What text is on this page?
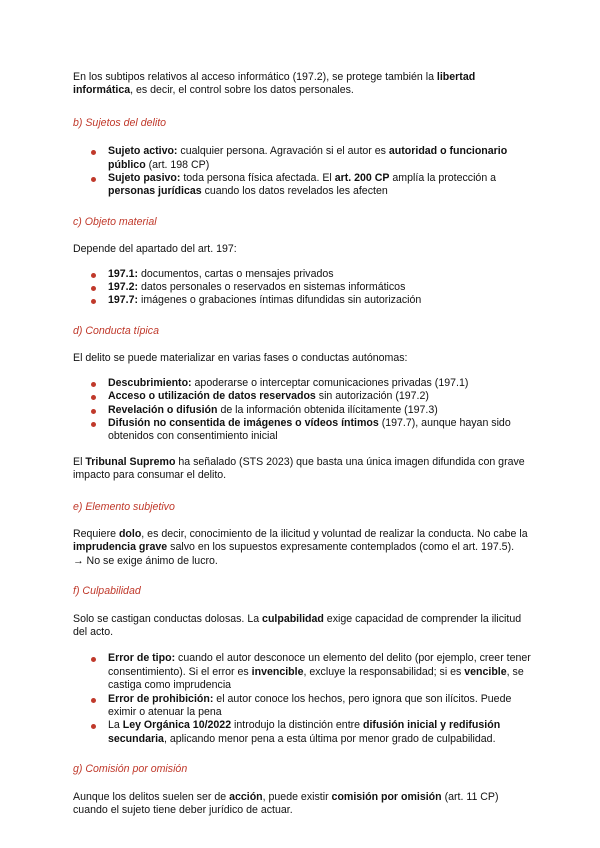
En los subtipos relativos al acceso informático (197.2), se protege también la libertad informática, es decir, el control sobre los datos personales.

b) Sujetos del delito

Sujeto activo: cualquier persona. Agravación si el autor es autoridad o funcionario público (art. 198 CP)
Sujeto pasivo: toda persona física afectada. El art. 200 CP amplía la protección a personas jurídicas cuando los datos revelados les afecten

c) Objeto material

Depende del apartado del art. 197:

197.1: documentos, cartas o mensajes privados
197.2: datos personales o reservados en sistemas informáticos
197.7: imágenes o grabaciones íntimas difundidas sin autorización

d) Conducta típica

El delito se puede materializar en varias fases o conductas autónomas:

Descubrimiento: apoderarse o interceptar comunicaciones privadas (197.1)
Acceso o utilización de datos reservados sin autorización (197.2)
Revelación o difusión de la información obtenida ilícitamente (197.3)
Difusión no consentida de imágenes o vídeos íntimos (197.7), aunque hayan sido obtenidos con consentimiento inicial

El Tribunal Supremo ha señalado (STS 2023) que basta una única imagen difundida con grave impacto para consumar el delito.

e) Elemento subjetivo

Requiere dolo, es decir, conocimiento de la ilicitud y voluntad de realizar la conducta. No cabe la imprudencia grave salvo en los supuestos expresamente contemplados (como el art. 197.5).

→ No se exige ánimo de lucro.

f) Culpabilidad

Solo se castigan conductas dolosas. La culpabilidad exige capacidad de comprender la ilicitud del acto.

Error de tipo: cuando el autor desconoce un elemento del delito (por ejemplo, creer tener consentimiento). Si el error es invencible, excluye la responsabilidad; si es vencible, se castiga como imprudencia
Error de prohibición: el autor conoce los hechos, pero ignora que son ilícitos. Puede eximir o atenuar la pena
La Ley Orgánica 10/2022 introdujo la distinción entre difusión inicial y redifusión secundaria, aplicando menor pena a esta última por menor grado de culpabilidad.

g) Comisión por omisión

Aunque los delitos suelen ser de acción, puede existir comisión por omisión (art. 11 CP) cuando el sujeto tiene deber jurídico de actuar.
